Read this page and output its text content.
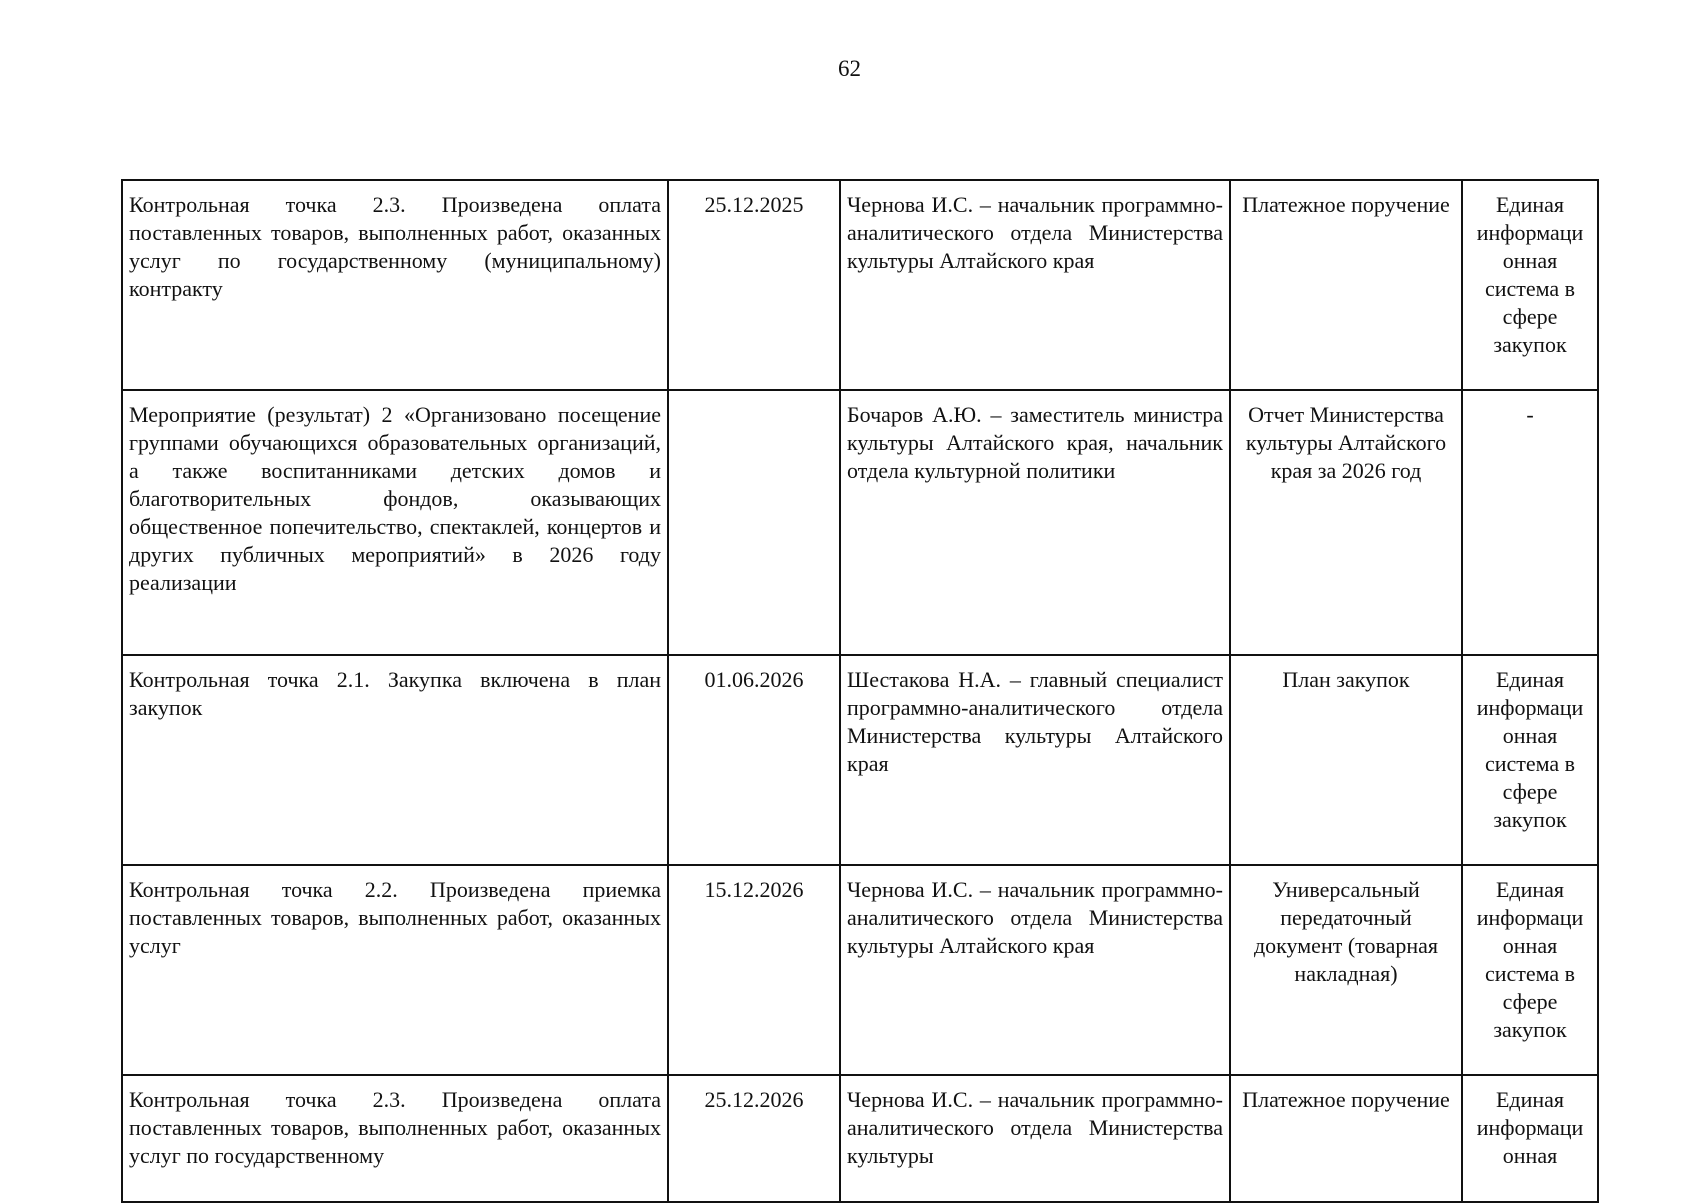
62
Контрольная точка 2.3. Произведена оплата поставленных товаров, выполненных работ, оказанных услуг по государственному (муниципальному) контракту	25.12.2025	Чернова И.С. – начальник программно-аналитического отдела Министерства культуры Алтайского края	Платежное поручение	Единая информаци онная система в сфере закупок
Мероприятие (результат) 2 «Организовано посещение группами обучающихся образовательных организаций, а также воспитанниками детских домов и благотворительных фондов, оказывающих общественное попечительство, спектаклей, концертов и других публичных мероприятий» в 2026 году реализации		Бочаров А.Ю. – заместитель министра культуры Алтайского края, начальник отдела культурной политики	Отчет Министерства культуры Алтайского края за 2026 год	-
Контрольная точка 2.1. Закупка включена в план закупок	01.06.2026	Шестакова Н.А. – главный специалист программно-аналитического отдела Министерства культуры Алтайского края	План закупок	Единая информаци онная система в сфере закупок
Контрольная точка 2.2. Произведена приемка поставленных товаров, выполненных работ, оказанных услуг	15.12.2026	Чернова И.С. – начальник программно-аналитического отдела Министерства культуры Алтайского края	Универсальный передаточный документ (товарная накладная)	Единая информаци онная система в сфере закупок
Контрольная точка 2.3. Произведена оплата поставленных товаров, выполненных работ, оказанных услуг по государственному	25.12.2026	Чернова И.С. – начальник программно-аналитического отдела Министерства культуры	Платежное поручение	Единая информаци онная
